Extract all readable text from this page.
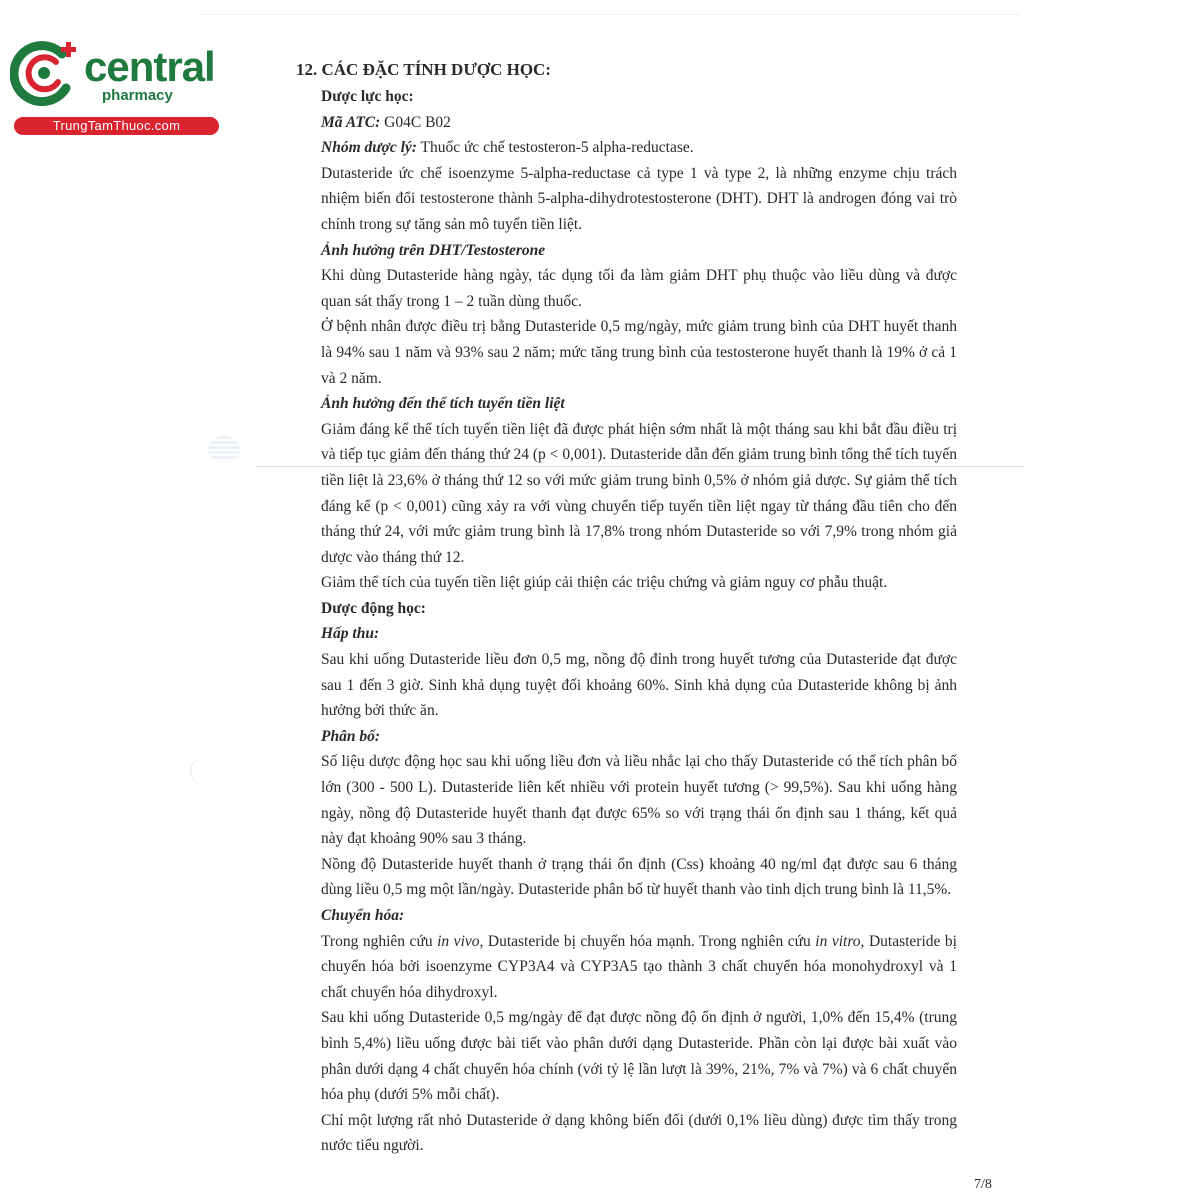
central
pharmacy
TrungTamThuoc.com
12. CÁC ĐẶC TÍNH DƯỢC HỌC:
Dược lực học:
Mã ATC: G04C B02
Nhóm dược lý: Thuốc ức chế testosteron-5 alpha-reductase.
Dutasteride ức chế isoenzyme 5-alpha-reductase cả type 1 và type 2, là những enzyme chịu trách nhiệm biến đổi testosterone thành 5-alpha-dihydrotestosterone (DHT). DHT là androgen đóng vai trò chính trong sự tăng sản mô tuyến tiền liệt.
Ảnh hưởng trên DHT/Testosterone
Khi dùng Dutasteride hàng ngày, tác dụng tối đa làm giảm DHT phụ thuộc vào liều dùng và được quan sát thấy trong 1 – 2 tuần dùng thuốc.
Ở bệnh nhân được điều trị bằng Dutasteride 0,5 mg/ngày, mức giảm trung bình của DHT huyết thanh là 94% sau 1 năm và 93% sau 2 năm; mức tăng trung bình của testosterone huyết thanh là 19% ở cả 1 và 2 năm.
Ảnh hưởng đến thể tích tuyến tiền liệt
Giảm đáng kể thể tích tuyến tiền liệt đã được phát hiện sớm nhất là một tháng sau khi bắt đầu điều trị và tiếp tục giảm đến tháng thứ 24 (p < 0,001). Dutasteride dẫn đến giảm trung bình tổng thể tích tuyến tiền liệt là 23,6% ở tháng thứ 12 so với mức giảm trung bình 0,5% ở nhóm giả dược. Sự giảm thể tích đáng kể (p < 0,001) cũng xảy ra với vùng chuyển tiếp tuyến tiền liệt ngay từ tháng đầu tiên cho đến tháng thứ 24, với mức giảm trung bình là 17,8% trong nhóm Dutasteride so với 7,9% trong nhóm giả dược vào tháng thứ 12.
Giảm thể tích của tuyến tiền liệt giúp cải thiện các triệu chứng và giảm nguy cơ phẫu thuật.
Dược động học:
Hấp thu:
Sau khi uống Dutasteride liều đơn 0,5 mg, nồng độ đỉnh trong huyết tương của Dutasteride đạt được sau 1 đến 3 giờ. Sinh khả dụng tuyệt đối khoảng 60%. Sinh khả dụng của Dutasteride không bị ảnh hưởng bởi thức ăn.
Phân bố:
Số liệu dược động học sau khi uống liều đơn và liều nhắc lại cho thấy Dutasteride có thể tích phân bố lớn (300 - 500 L). Dutasteride liên kết nhiều với protein huyết tương (> 99,5%). Sau khi uống hàng ngày, nồng độ Dutasteride huyết thanh đạt được 65% so với trạng thái ổn định sau 1 tháng, kết quả này đạt khoảng 90% sau 3 tháng.
Nồng độ Dutasteride huyết thanh ở trạng thái ổn định (Css) khoảng 40 ng/ml đạt được sau 6 tháng dùng liều 0,5 mg một lần/ngày. Dutasteride phân bố từ huyết thanh vào tinh dịch trung bình là 11,5%.
Chuyển hóa:
Trong nghiên cứu in vivo, Dutasteride bị chuyển hóa mạnh. Trong nghiên cứu in vitro, Dutasteride bị chuyển hóa bởi isoenzyme CYP3A4 và CYP3A5 tạo thành 3 chất chuyển hóa monohydroxyl và 1 chất chuyển hóa dihydroxyl.
Sau khi uống Dutasteride 0,5 mg/ngày để đạt được nồng độ ổn định ở người, 1,0% đến 15,4% (trung bình 5,4%) liều uống được bài tiết vào phân dưới dạng Dutasteride. Phần còn lại được bài xuất vào phân dưới dạng 4 chất chuyển hóa chính (với tỷ lệ lần lượt là 39%, 21%, 7% và 7%) và 6 chất chuyển hóa phụ (dưới 5% mỗi chất).
Chỉ một lượng rất nhỏ Dutasteride ở dạng không biến đổi (dưới 0,1% liều dùng) được tìm thấy trong nước tiểu người.
7/8
